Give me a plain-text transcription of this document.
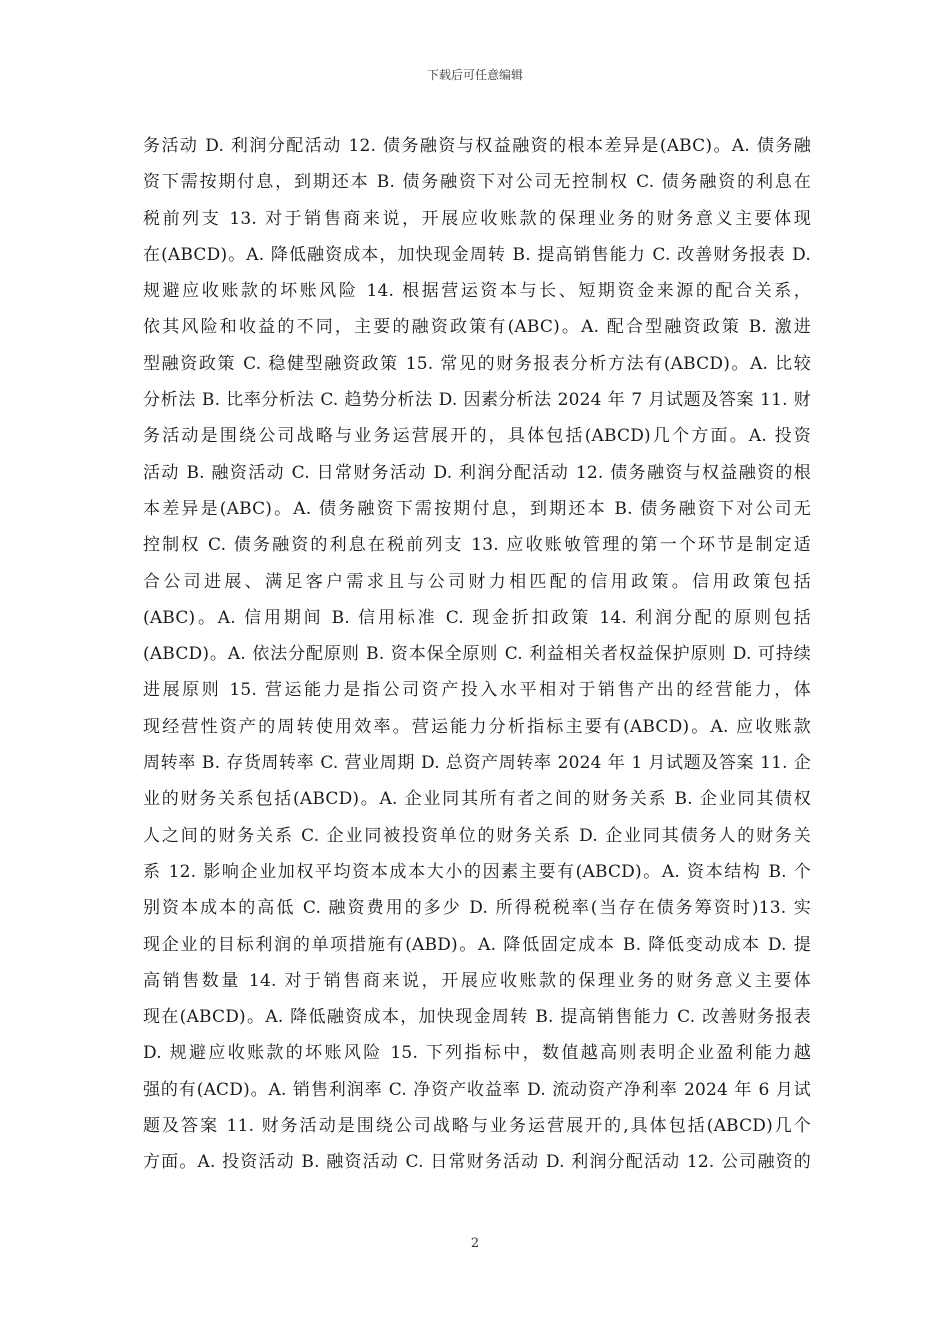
下载后可任意编辑
务活动 D. 利润分配活动 12. 债务融资与权益融资的根本差异是(ABC)。A. 债务融
资下需按期付息，到期还本 B. 债务融资下对公司无控制权 C. 债务融资的利息在
税前列支 13. 对于销售商来说，开展应收账款的保理业务的财务意义主要体现
在(ABCD)。A. 降低融资成本，加快现金周转 B. 提高销售能力 C. 改善财务报表 D.
规避应收账款的坏账风险 14. 根据营运资本与长、短期资金来源的配合关系，
依其风险和收益的不同，主要的融资政策有(ABC)。A. 配合型融资政策 B. 激进
型融资政策 C. 稳健型融资政策 15. 常见的财务报表分析方法有(ABCD)。A. 比较
分析法 B. 比率分析法 C. 趋势分析法 D. 因素分析法 2024 年 7 月试题及答案 11. 财
务活动是围绕公司战略与业务运营展开的，具体包括(ABCD)几个方面。A. 投资
活动 B. 融资活动 C. 日常财务活动 D. 利润分配活动 12. 债务融资与权益融资的根
本差异是(ABC)。A. 债务融资下需按期付息，到期还本 B. 债务融资下对公司无
控制权 C. 债务融资的利息在税前列支 13. 应收账敂管理的第一个环节是制定适
合公司进展、满足客户需求且与公司财力相匹配的信用政策。信用政策包括
(ABC)。A. 信用期间 B. 信用标准 C. 现金折扣政策 14. 利润分配的原则包括
(ABCD)。A. 依法分配原则 B. 资本保全原则 C. 利益相关者权益保护原则 D. 可持续
进展原则 15. 营运能力是指公司资产投入水平相对于销售产出的经营能力，体
现经营性资产的周转使用效率。营运能力分析指标主要有(ABCD)。A. 应收账款
周转率 B. 存货周转率 C. 营业周期 D. 总资产周转率 2024 年 1 月试题及答案 11. 企
业的财务关系包括(ABCD)。A. 企业同其所有者之间的财务关系 B. 企业同其债权
人之间的财务关系 C. 企业同被投资单位的财务关系 D. 企业同其债务人的财务关
系 12. 影响企业加权平均资本成本大小的因素主要有(ABCD)。A. 资本结构 B. 个
别资本成本的高低 C. 融资费用的多少 D. 所得税税率(当存在债务筹资时)13. 实
现企业的目标利润的单项措施有(ABD)。A. 降低固定成本 B. 降低变动成本 D. 提
高销售数量 14. 对于销售商来说，开展应收账款的保理业务的财务意义主要体
现在(ABCD)。A. 降低融资成本，加快现金周转 B. 提高销售能力 C. 改善财务报表
D. 规避应收账款的坏账风险 15. 下列指标中，数值越高则表明企业盈利能力越
强的有(ACD)。A. 销售利润率 C. 净资产收益率 D. 流动资产净利率 2024 年 6 月试
题及答案 11. 财务活动是围绕公司战略与业务运营展开的,具体包括(ABCD)几个
方面。A. 投资活动 B. 融资活动 C. 日常财务活动 D. 利润分配活动 12. 公司融资的
2
